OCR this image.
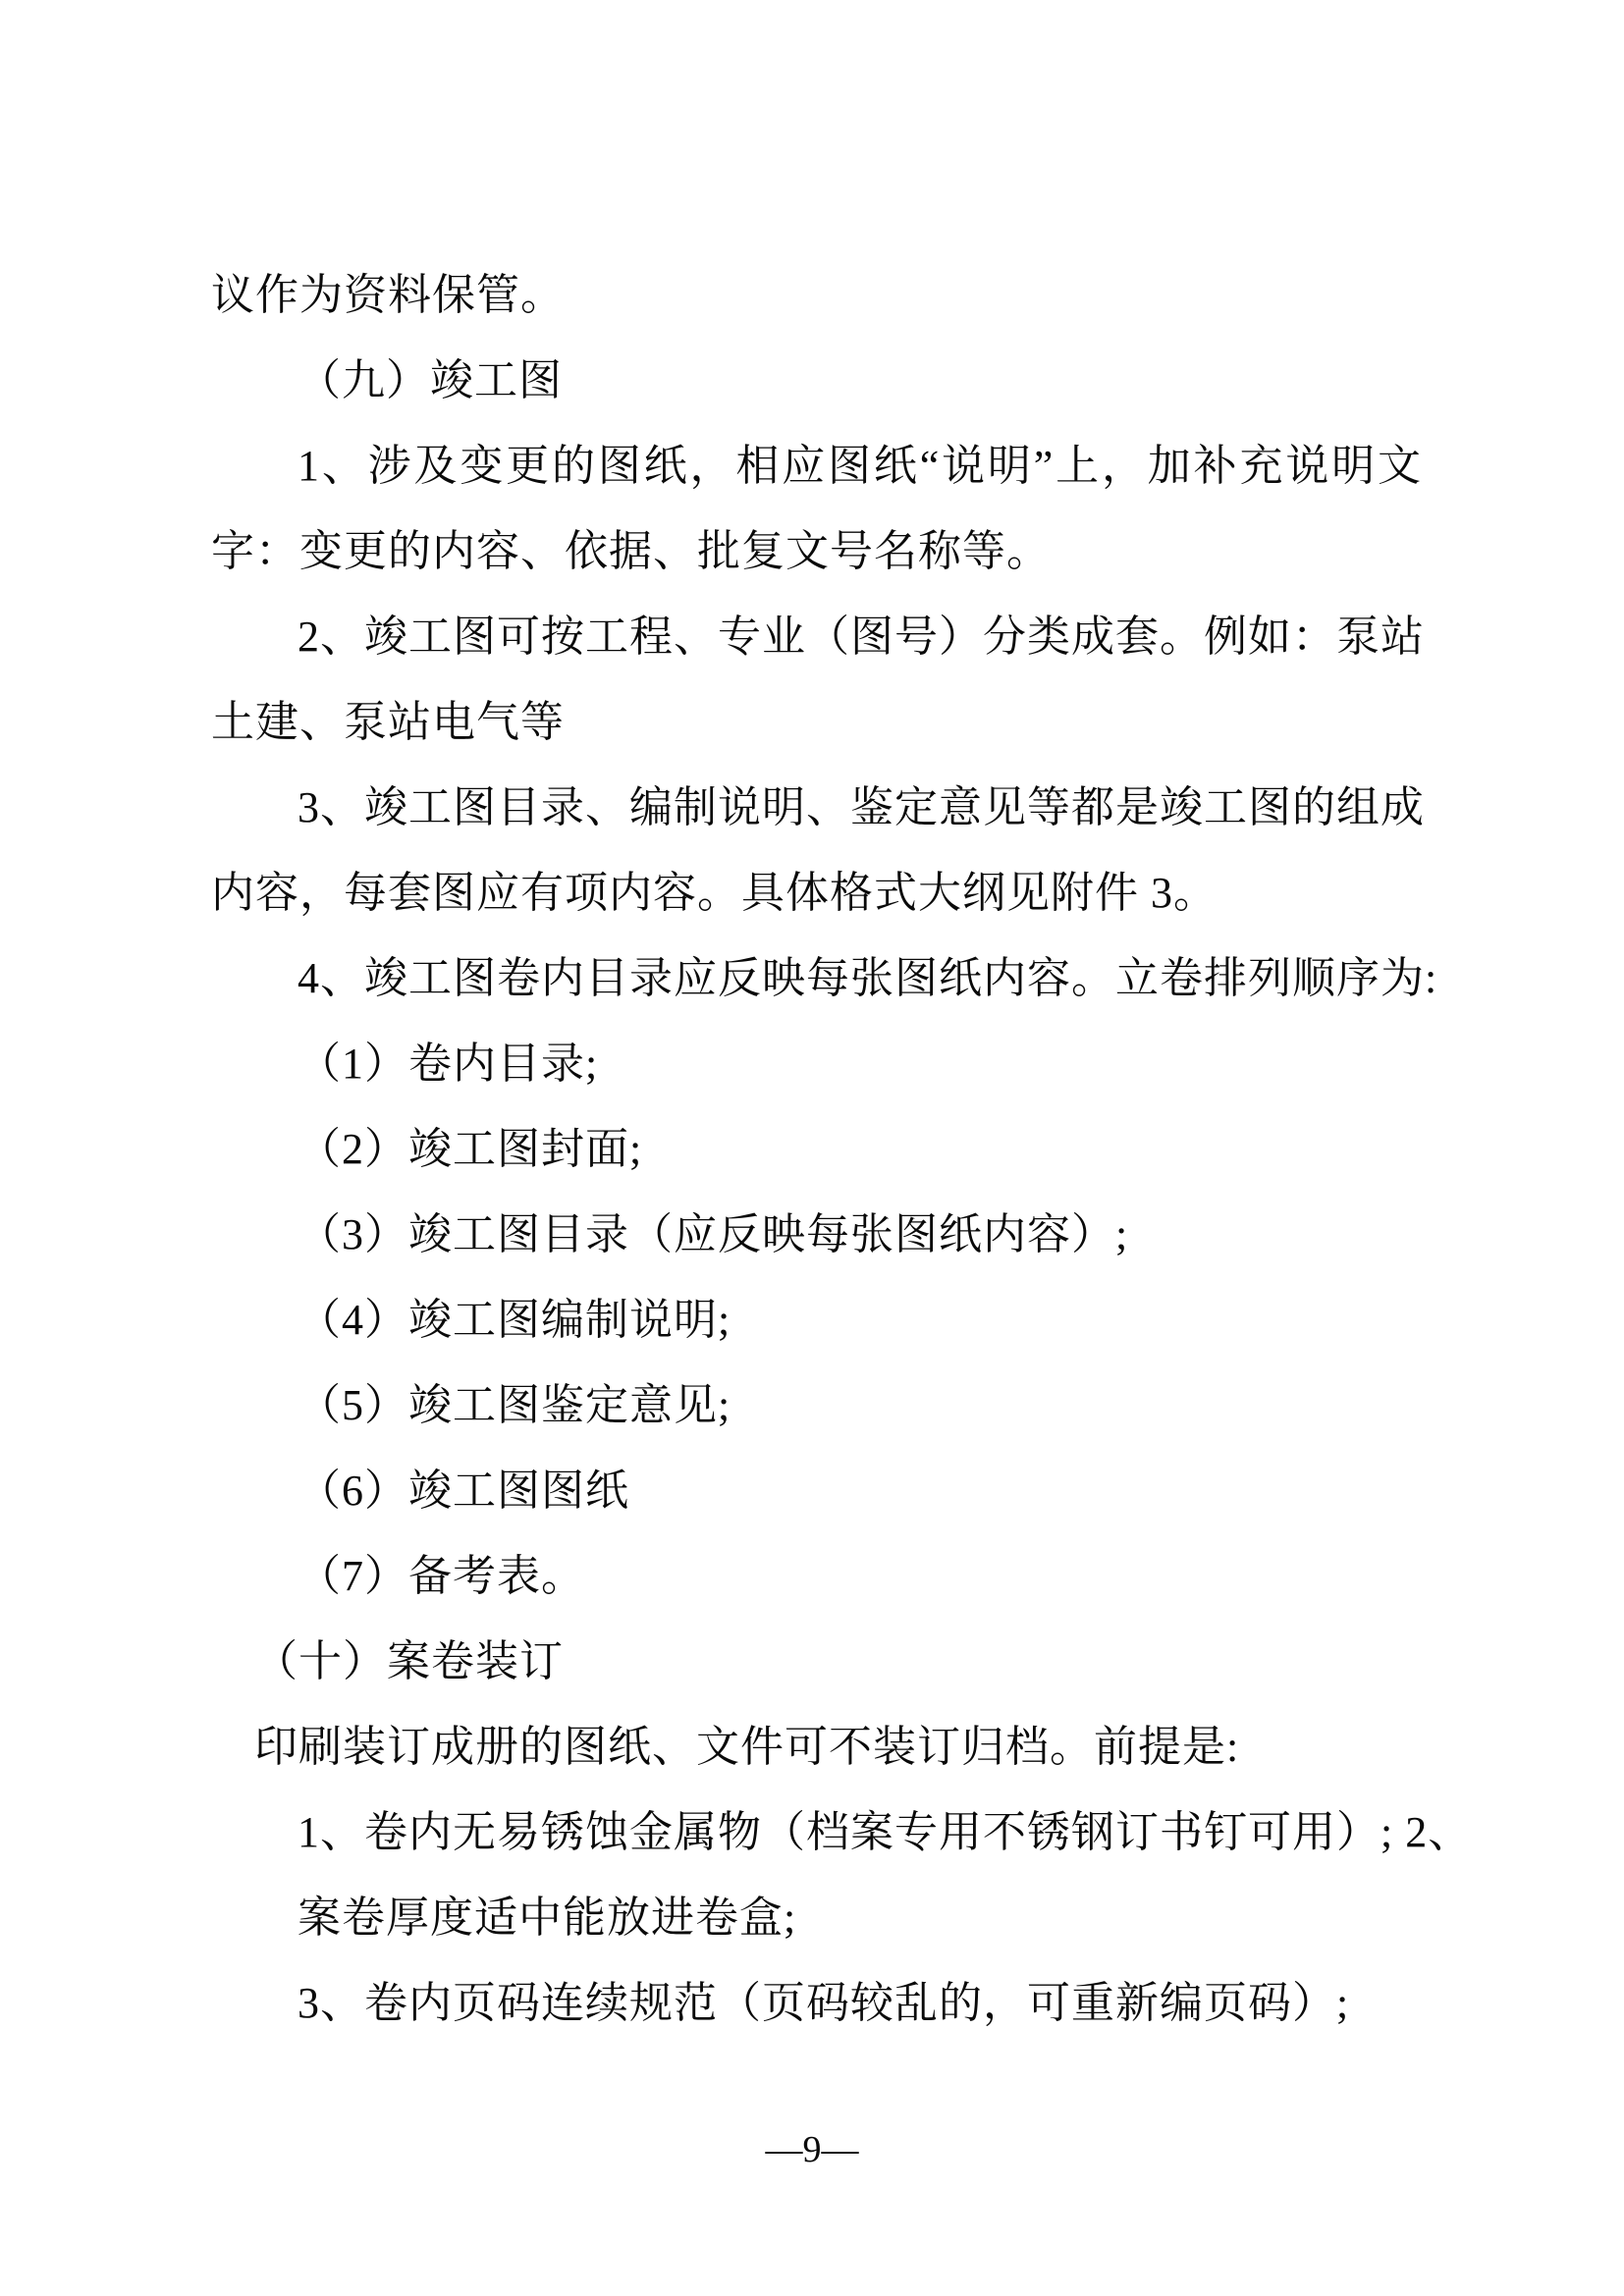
议作为资料保管。
（九）竣工图
1、涉及变更的图纸，相应图纸“说明”上，加补充说明文
字：变更的内容、依据、批复文号名称等。
2、竣工图可按工程、专业（图号）分类成套。例如：泵站
土建、泵站电气等
3、竣工图目录、编制说明、鉴定意见等都是竣工图的组成
内容，每套图应有项内容。具体格式大纲见附件 3。
4、竣工图卷内目录应反映每张图纸内容。立卷排列顺序为:
（1）卷内目录;
（2）竣工图封面;
（3）竣工图目录（应反映每张图纸内容）;
（4）竣工图编制说明;
（5）竣工图鉴定意见;
（6）竣工图图纸
（7）备考表。
（十）案卷装订
印刷装订成册的图纸、文件可不装订归档。前提是:
1、卷内无易锈蚀金属物（档案专用不锈钢订书钉可用）; 2、
案卷厚度适中能放进卷盒;
3、卷内页码连续规范（页码较乱的，可重新编页码）;
—9—
